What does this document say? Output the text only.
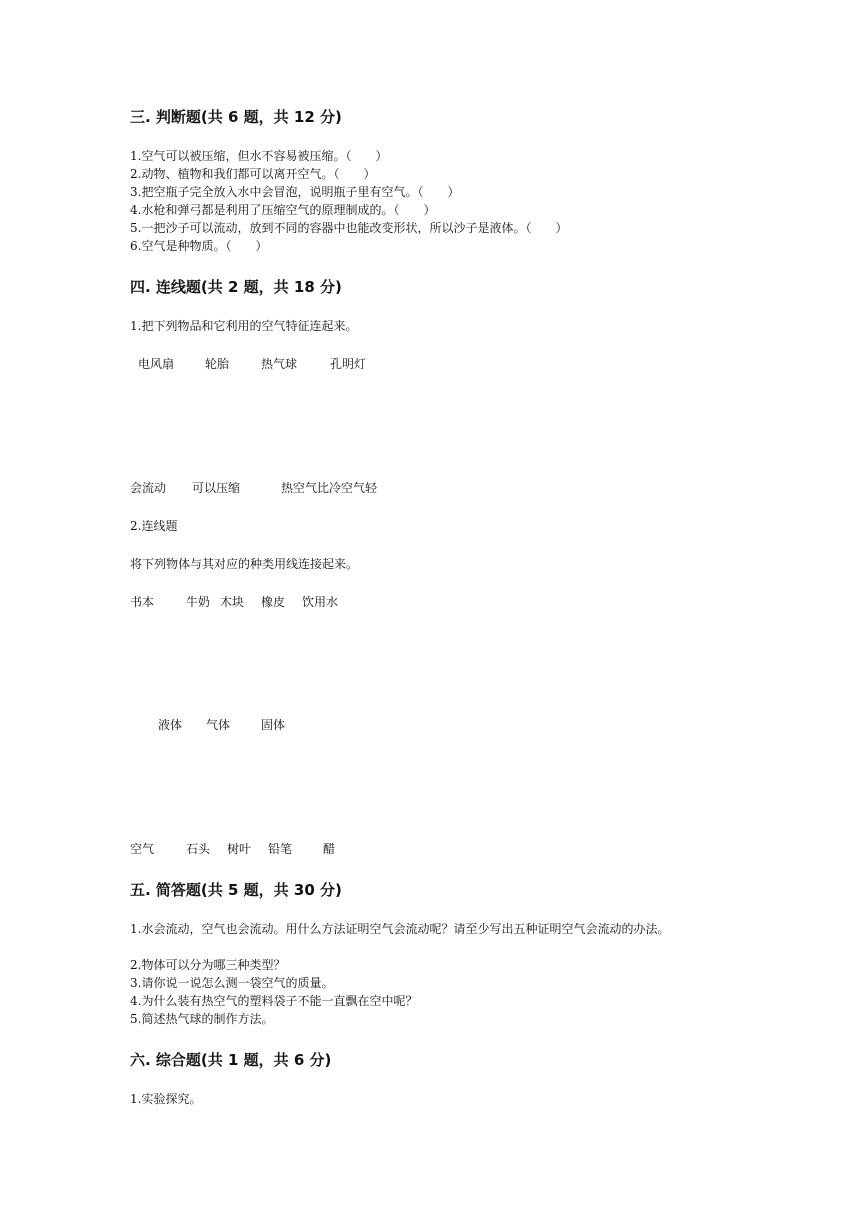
三. 判断题(共 6 题，共 12 分)
1.空气可以被压缩，但水不容易被压缩。（　　）
2.动物、植物和我们都可以离开空气。（　　）
3.把空瓶子完全放入水中会冒泡，说明瓶子里有空气。（　　）
4.水枪和弹弓都是利用了压缩空气的原理制成的。（　　）
5.一把沙子可以流动，放到不同的容器中也能改变形状，所以沙子是液体。（　　）
6.空气是种物质。（　　）
四. 连线题(共 2 题，共 18 分)
1.把下列物品和它利用的空气特征连起来。
电风扇	轮胎	热气球	孔明灯
会流动 可以压缩	热空气比冷空气轻
2.连线题
将下列物体与其对应的种类用线连接起来。
书本	牛奶 木块 橡皮 饮用水
液体 气体	固体
空气	石头 树叶 铅笔	醋
五. 简答题(共 5 题，共 30 分)
1.水会流动，空气也会流动。用什么方法证明空气会流动呢？请至少写出五种证明空气会流动的办法。
2.物体可以分为哪三种类型？
3.请你说一说怎么测一袋空气的质量。
4.为什么装有热空气的塑料袋子不能一直飘在空中呢？
5.简述热气球的制作方法。
六. 综合题(共 1 题，共 6 分)
1.实验探究。
